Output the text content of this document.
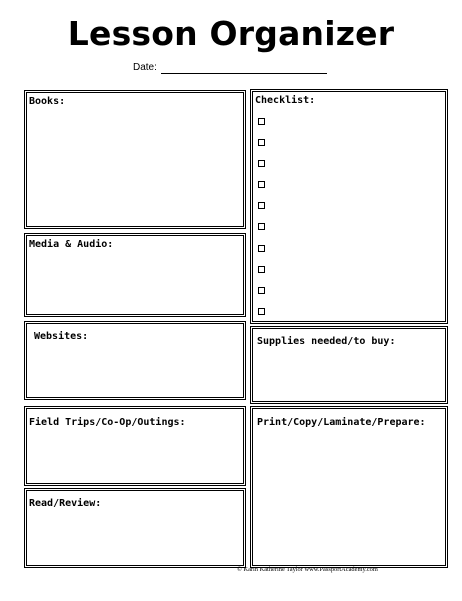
Lesson Organizer
Date:
Books:
Media & Audio:
Websites:
Field Trips/Co-Op/Outings:
Read/Review:
Checklist:
Supplies needed/to buy:
Print/Copy/Laminate/Prepare:
© Karin Katherine Taylor www.PassportAcademy.com
